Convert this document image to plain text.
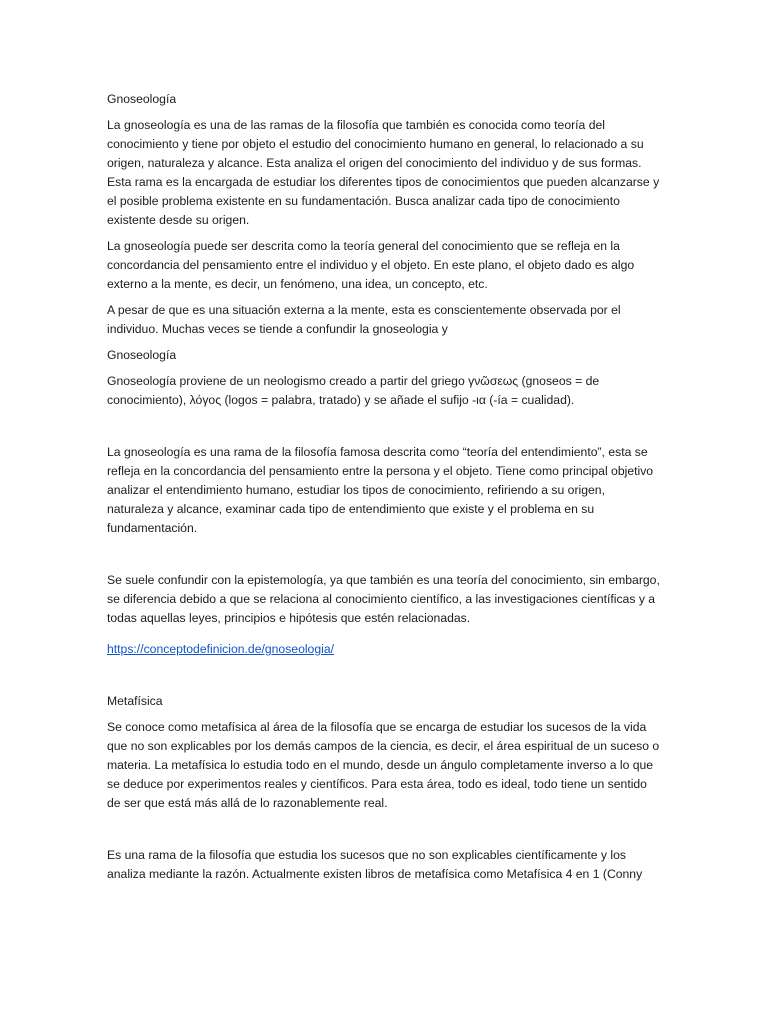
Gnoseología

La gnoseología es una de las ramas de la filosofía que también es conocida como teoría del conocimiento y tiene por objeto el estudio del conocimiento humano en general, lo relacionado a su origen, naturaleza y alcance. Esta analiza el origen del conocimiento del individuo y de sus formas. Esta rama es la encargada de estudiar los diferentes tipos de conocimientos que pueden alcanzarse y el posible problema existente en su fundamentación. Busca analizar cada tipo de conocimiento existente desde su origen.

La gnoseología puede ser descrita como la teoría general del conocimiento que se refleja en la concordancia del pensamiento entre el individuo y el objeto. En este plano, el objeto dado es algo externo a la mente, es decir, un fenómeno, una idea, un concepto, etc.

A pesar de que es una situación externa a la mente, esta es conscientemente observada por el individuo. Muchas veces se tiende a confundir la gnoseologia y

Gnoseología

Gnoseología proviene de un neologismo creado a partir del griego γνῶσεως (gnoseos = de conocimiento), λόγος (logos = palabra, tratado) y se añade el sufijo -ια (-ía = cualidad).

La gnoseología es una rama de la filosofía famosa descrita como “teoría del entendimiento”, esta se refleja en la concordancia del pensamiento entre la persona y el objeto. Tiene como principal objetivo analizar el entendimiento humano, estudiar los tipos de conocimiento, refiriendo a su origen, naturaleza y alcance, examinar cada tipo de entendimiento que existe y el problema en su fundamentación.

Se suele confundir con la epistemología, ya que también es una teoría del conocimiento, sin embargo, se diferencia debido a que se relaciona al conocimiento científico, a las investigaciones científicas y a todas aquellas leyes, principios e hipótesis que estén relacionadas.

https://conceptodefinicion.de/gnoseologia/

Metafísica

Se conoce como metafísica al área de la filosofía que se encarga de estudiar los sucesos de la vida que no son explicables por los demás campos de la ciencia, es decir, el área espiritual de un suceso o materia. La metafísica lo estudia todo en el mundo, desde un ángulo completamente inverso a lo que se deduce por experimentos reales y científicos. Para esta área, todo es ideal, todo tiene un sentido de ser que está más allá de lo razonablemente real.

Es una rama de la filosofía que estudia los sucesos que no son explicables científicamente y los analiza mediante la razón. Actualmente existen libros de metafísica como Metafísica 4 en 1 (Conny
